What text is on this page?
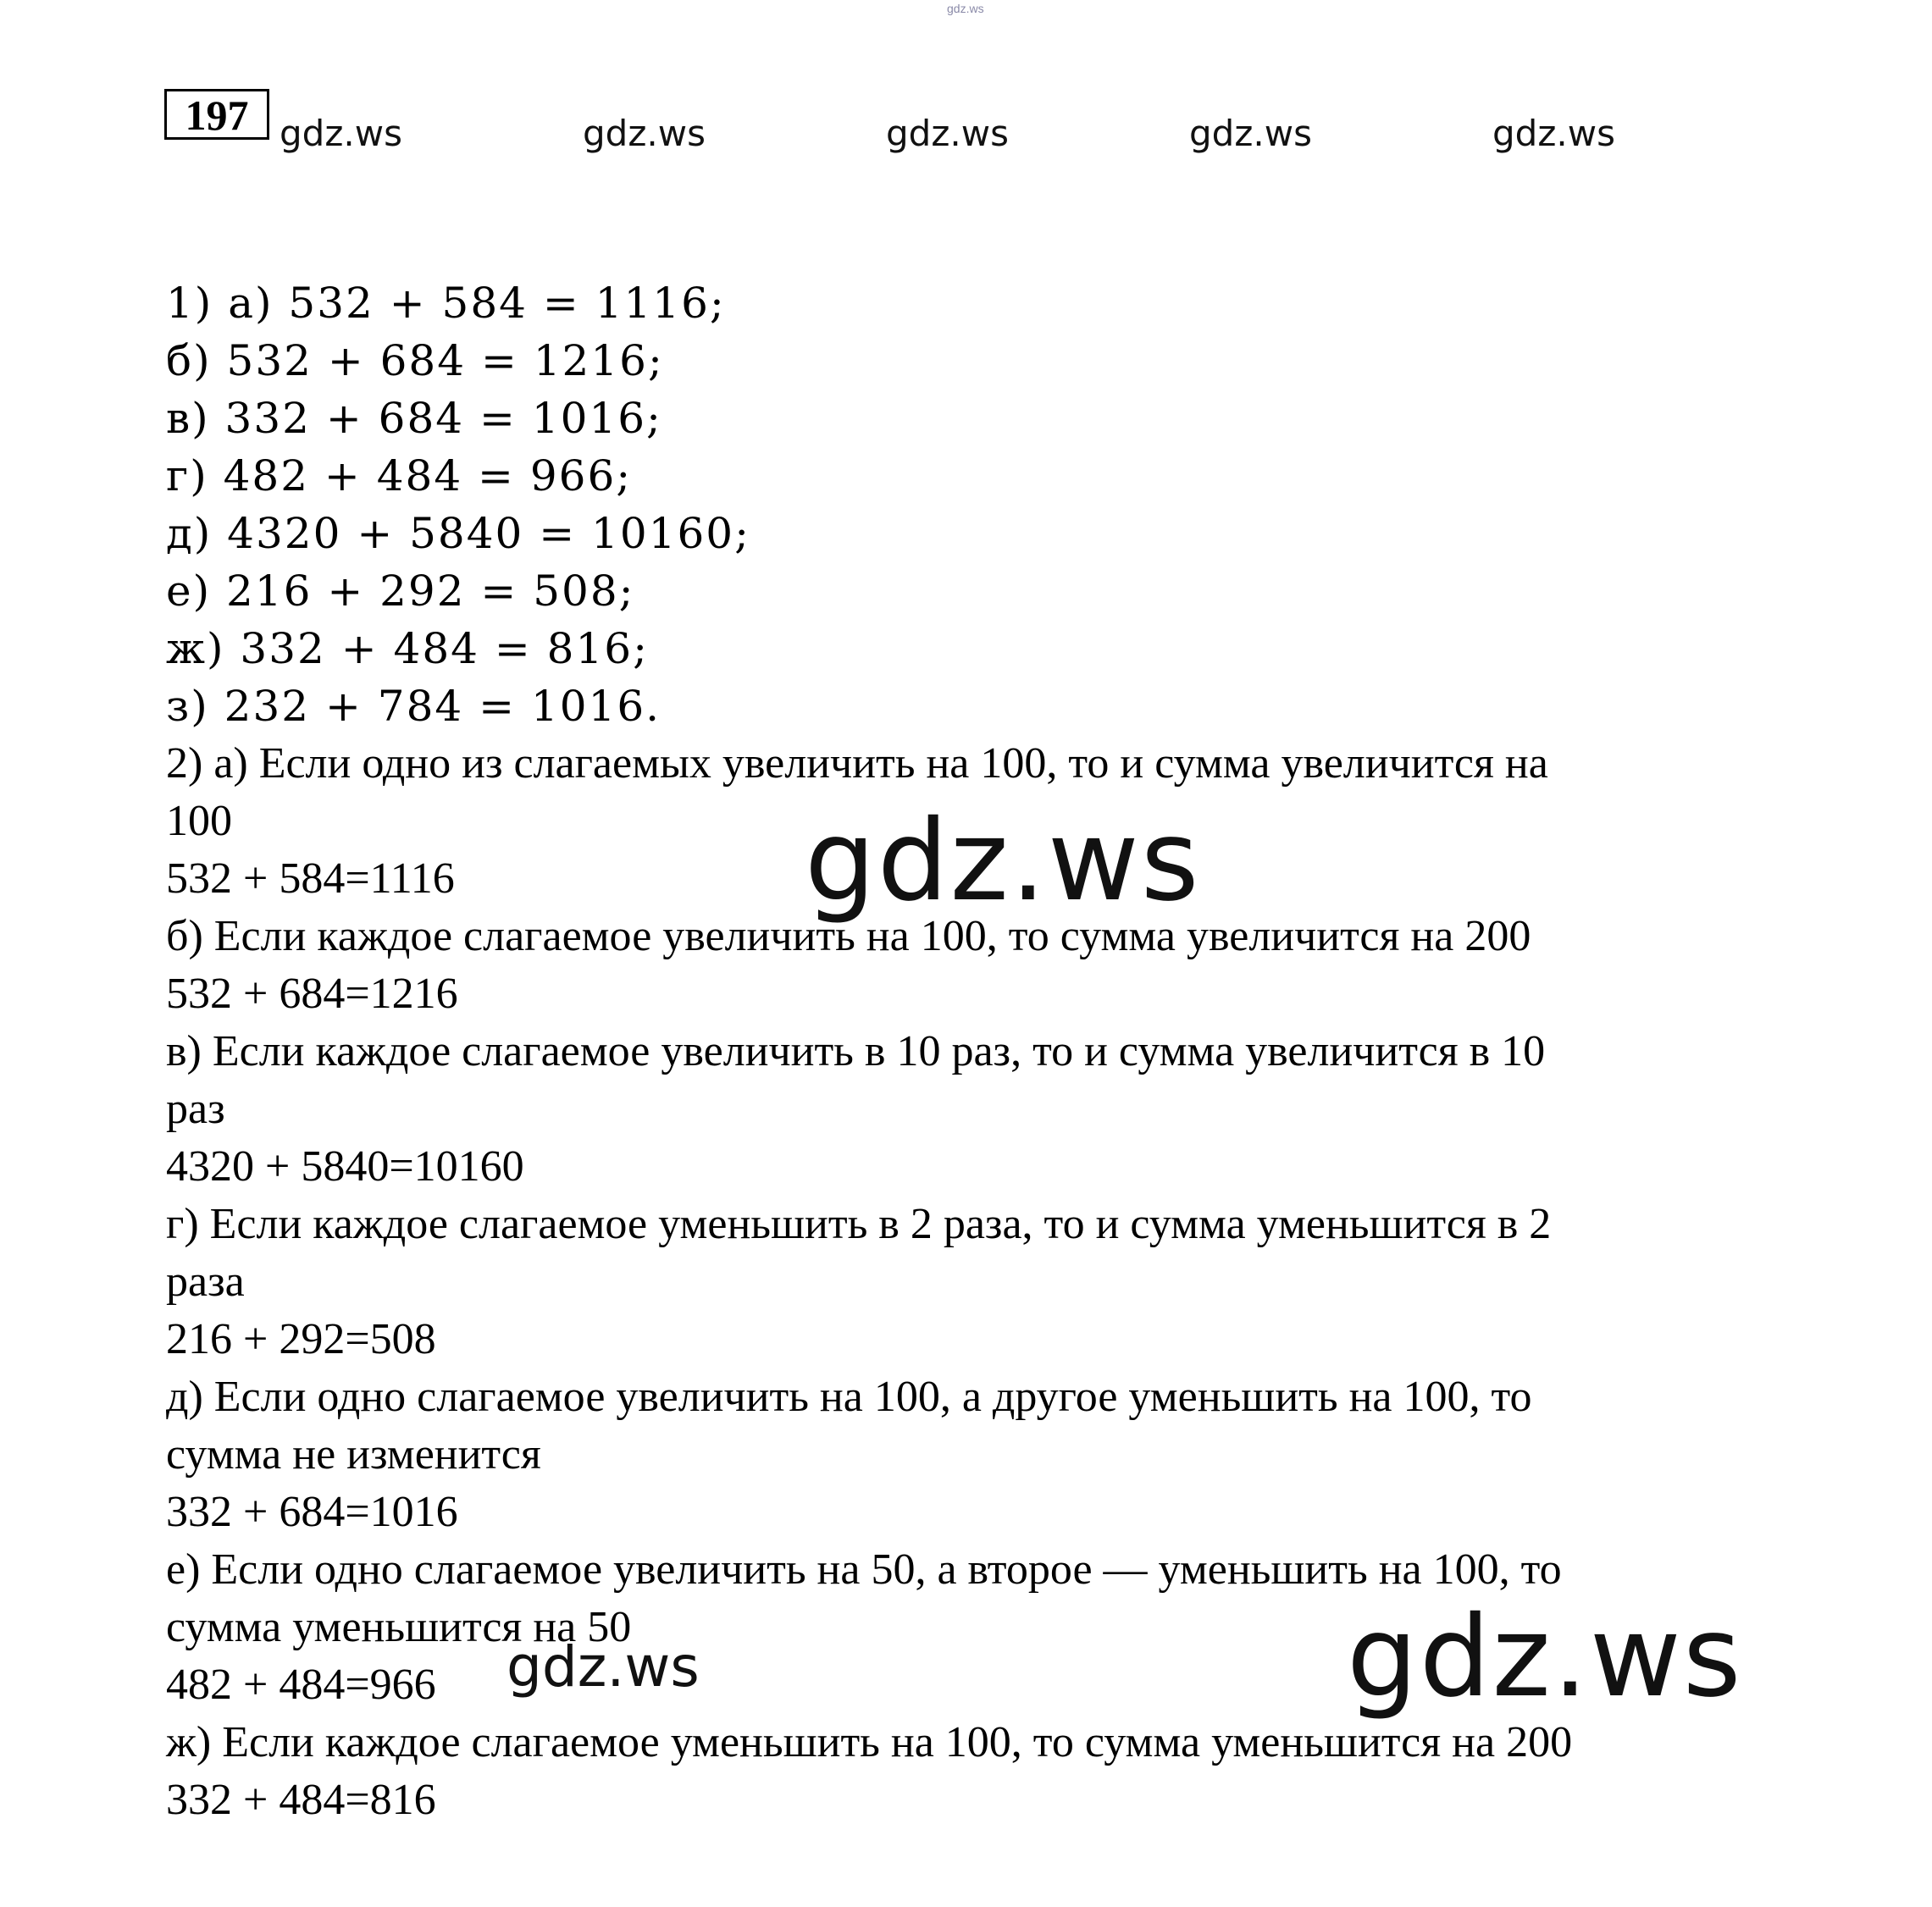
gdz.ws
197 gdz.ws	gdz.ws	gdz.ws	gdz.ws	gdz.ws
1) а) 532 + 584 = 1116;
б) 532 + 684 = 1216;
в) 332 + 684 = 1016;
г) 482 + 484 = 966;
д) 4320 + 5840 = 10160;
е) 216 + 292 = 508;
ж) 332 + 484 = 816;
з) 232 + 784 = 1016.
2) а) Если одно из слагаемых увеличить на 100, то и сумма увеличится на
100
532 + 584=1116
б) Если каждое слагаемое увеличить на 100, то сумма увеличится на 200
532 + 684=1216
в) Если каждое слагаемое увеличить в 10 раз, то и сумма увеличится в 10
раз
4320 + 5840=10160
г) Если каждое слагаемое уменьшить в 2 раза, то и сумма уменьшится в 2
раза
216 + 292=508
д) Если одно слагаемое увеличить на 100, а другое уменьшить на 100, то
сумма не изменится
332 + 684=1016
е) Если одно слагаемое увеличить на 50, а второе — уменьшить на 100, то
сумма уменьшится на 50
482 + 484=966
ж) Если каждое слагаемое уменьшить на 100, то сумма уменьшится на 200
332 + 484=816
gdz.ws
gdz.ws
gdz.ws
